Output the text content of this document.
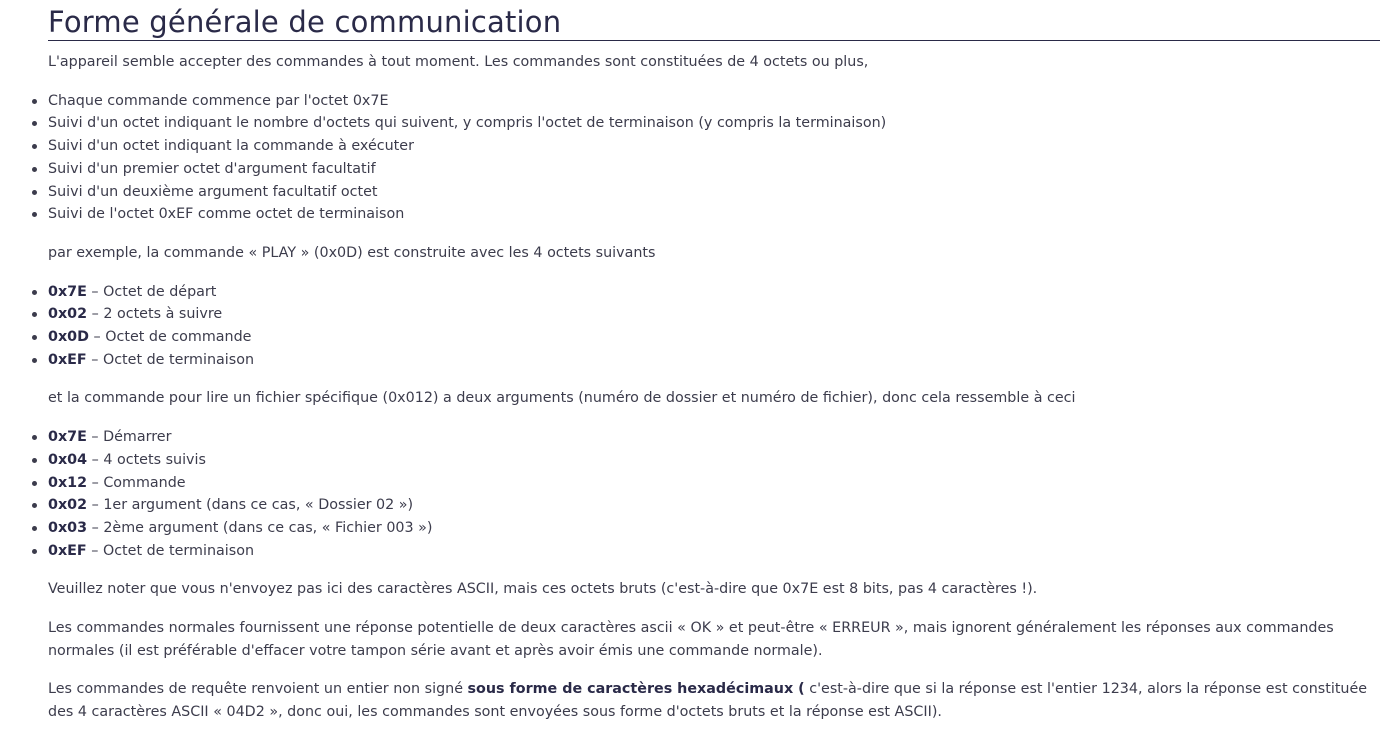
Forme générale de communication

L'appareil semble accepter des commandes à tout moment. Les commandes sont constituées de 4 octets ou plus,

Chaque commande commence par l'octet 0x7E
Suivi d'un octet indiquant le nombre d'octets qui suivent, y compris l'octet de terminaison (y compris la terminaison)
Suivi d'un octet indiquant la commande à exécuter
Suivi d'un premier octet d'argument facultatif
Suivi d'un deuxième argument facultatif octet
Suivi de l'octet 0xEF comme octet de terminaison

par exemple, la commande « PLAY » (0x0D) est construite avec les 4 octets suivants

0x7E – Octet de départ
0x02 – 2 octets à suivre
0x0D – Octet de commande
0xEF – Octet de terminaison

et la commande pour lire un fichier spécifique (0x012) a deux arguments (numéro de dossier et numéro de fichier), donc cela ressemble à ceci

0x7E – Démarrer
0x04 – 4 octets suivis
0x12 – Commande
0x02 – 1er argument (dans ce cas, « Dossier 02 »)
0x03 – 2ème argument (dans ce cas, « Fichier 003 »)
0xEF – Octet de terminaison

Veuillez noter que vous n'envoyez pas ici des caractères ASCII, mais ces octets bruts (c'est-à-dire que 0x7E est 8 bits, pas 4 caractères !).

Les commandes normales fournissent une réponse potentielle de deux caractères ascii « OK » et peut-être « ERREUR », mais ignorent généralement les réponses aux commandes normales (il est préférable d'effacer votre tampon série avant et après avoir émis une commande normale).

Les commandes de requête renvoient un entier non signé sous forme de caractères hexadécimaux ( c'est-à-dire que si la réponse est l'entier 1234, alors la réponse est constituée des 4 caractères ASCII « 04D2 », donc oui, les commandes sont envoyées sous forme d'octets bruts et la réponse est ASCII).
